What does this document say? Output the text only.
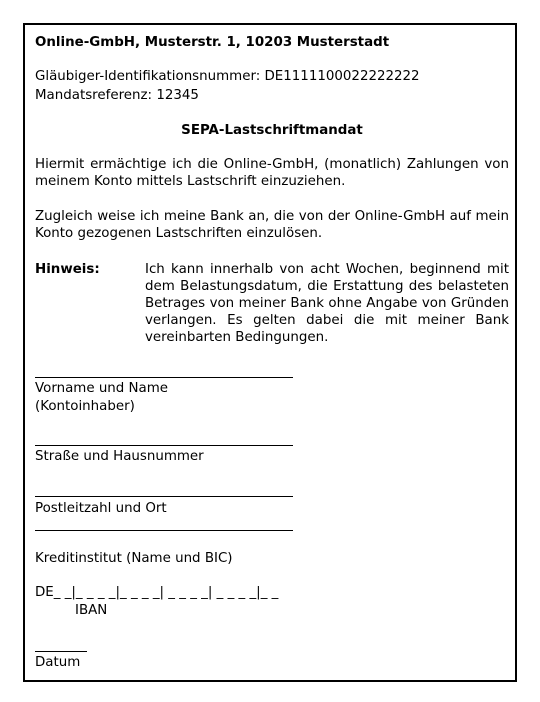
Online-GmbH, Musterstr. 1, 10203 Musterstadt
Gläubiger-Identifikationsnummer: DE1111100022222222
Mandatsreferenz: 12345
SEPA-Lastschriftmandat
Hiermit ermächtige ich die Online-GmbH, (monatlich) Zahlungen von meinem Konto mittels Lastschrift einzuziehen.
Zugleich weise ich meine Bank an, die von der Online-GmbH auf mein Konto gezogenen Lastschriften einzulösen.
Hinweis:	Ich kann innerhalb von acht Wochen, beginnend mit dem Belastungsdatum, die Erstattung des belasteten Betrages von meiner Bank ohne Angabe von Gründen verlangen. Es gelten dabei die mit meiner Bank vereinbarten Bedingungen.
Vorname und Name
(Kontoinhaber)
Straße und Hausnummer
Postleitzahl und Ort
Kreditinstitut (Name und BIC)
DE_ _|_ _ _ _|_ _ _ _| _ _ _ _| _ _ _ _|_ _
IBAN
Datum
